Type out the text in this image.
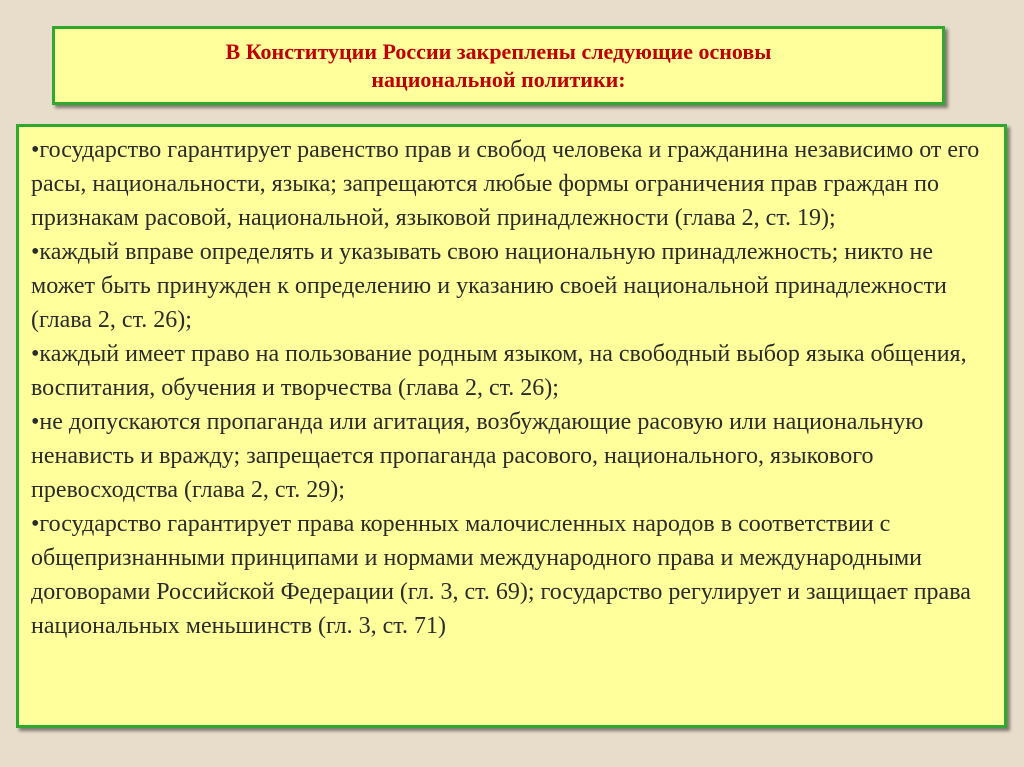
В Конституции России закреплены следующие основы национальной политики:

•государство гарантирует равенство прав и свобод человека и гражданина независимо от его расы, национальности, языка; запрещаются любые формы ограничения прав граждан по признакам расовой, национальной, языковой принадлежности (глава 2, ст. 19);
•каждый вправе определять и указывать свою национальную принадлежность; никто не может быть принужден к определению и указанию своей национальной принадлежности (глава 2, ст. 26);
•каждый имеет право на пользование родным языком, на свободный выбор языка общения, воспитания, обучения и творчества (глава 2, ст. 26);
•не допускаются пропаганда или агитация, возбуждающие расовую или национальную ненависть и вражду; запрещается пропаганда расового, национального, языкового превосходства (глава 2, ст. 29);
•государство гарантирует права коренных малочисленных народов в соответствии с общепризнанными принципами и нормами международного права и международными договорами Российской Федерации (гл. 3, ст. 69); государство регулирует и защищает права национальных меньшинств (гл. 3, ст. 71)
